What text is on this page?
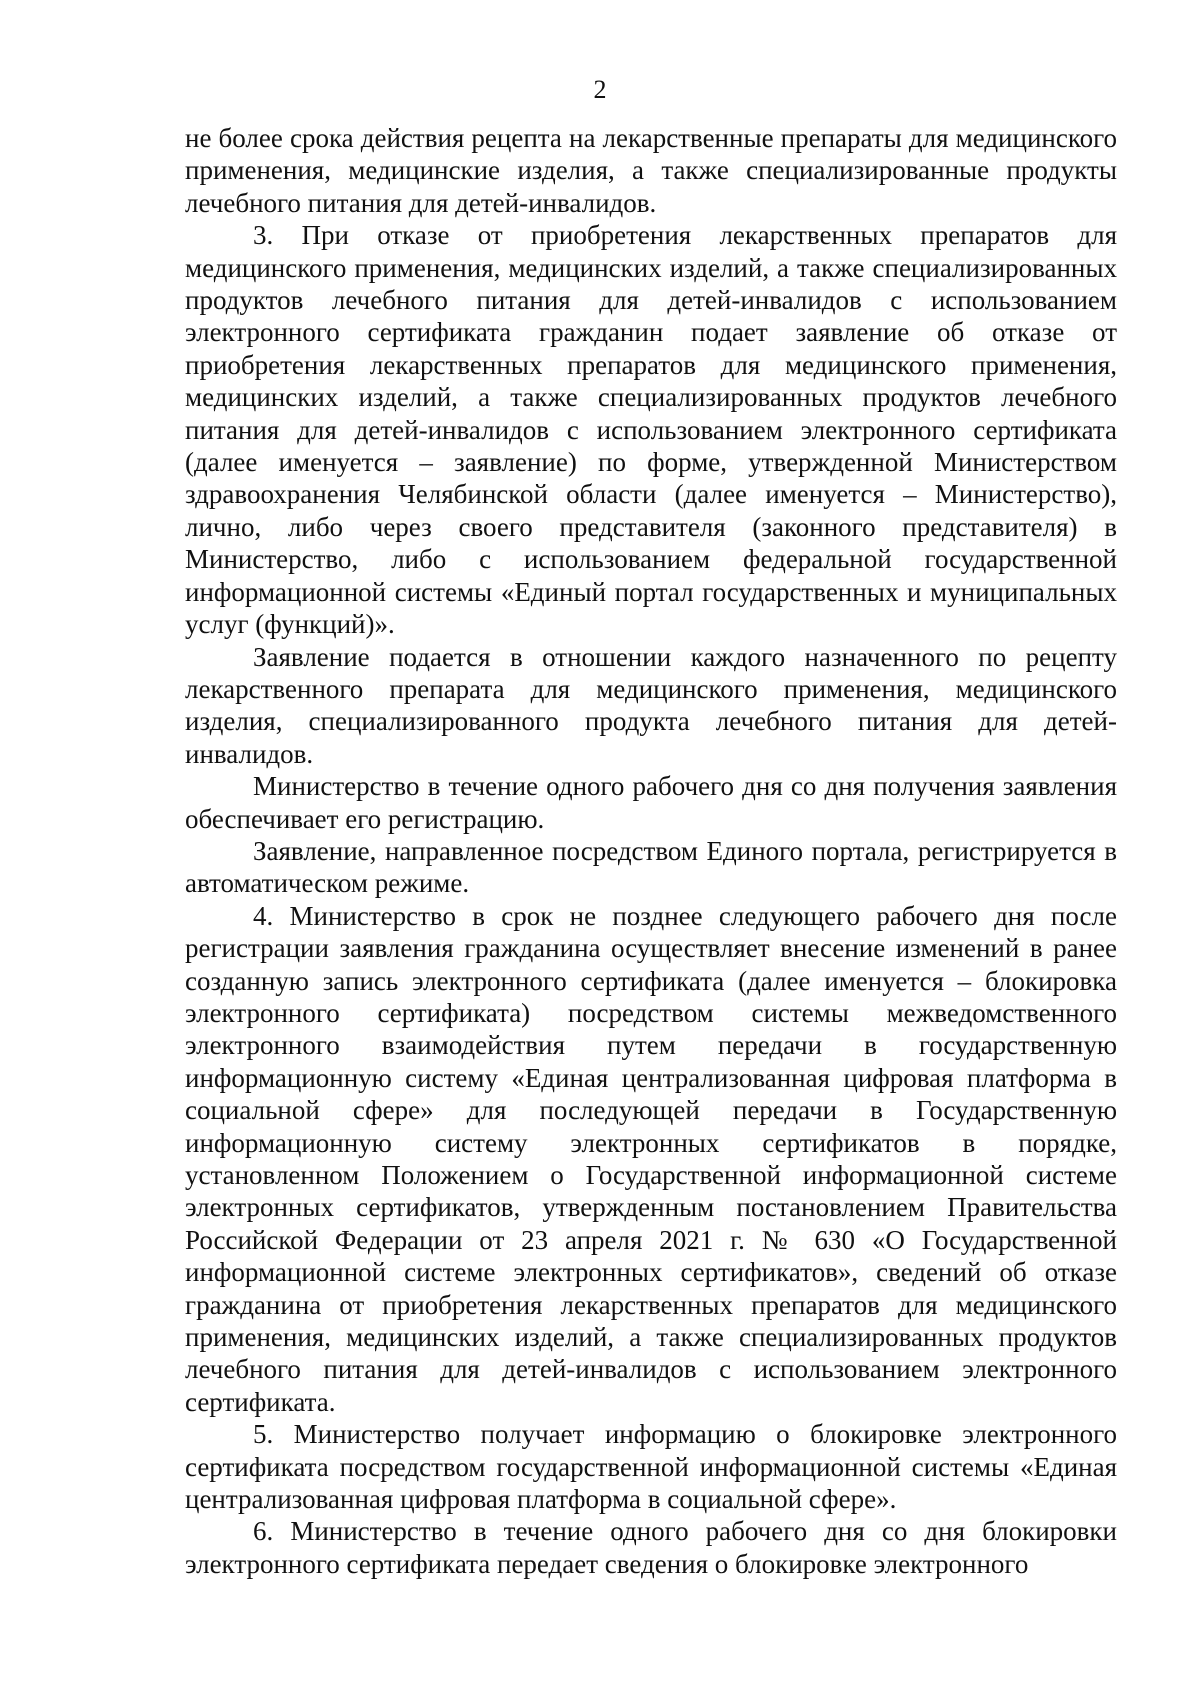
2

не более срока действия рецепта на лекарственные препараты для медицинского применения, медицинские изделия, а также специализированные продукты лечебного питания для детей-инвалидов.

3. При отказе от приобретения лекарственных препаратов для медицинского применения, медицинских изделий, а также специализированных продуктов лечебного питания для детей-инвалидов с использованием электронного сертификата гражданин подает заявление об отказе от приобретения лекарственных препаратов для медицинского применения, медицинских изделий, а также специализированных продуктов лечебного питания для детей-инвалидов с использованием электронного сертификата (далее именуется – заявление) по форме, утвержденной Министерством здравоохранения Челябинской области (далее именуется – Министерство), лично, либо через своего представителя (законного представителя) в Министерство, либо с использованием федеральной государственной информационной системы «Единый портал государственных и муниципальных услуг (функций)».

Заявление подается в отношении каждого назначенного по рецепту лекарственного препарата для медицинского применения, медицинского изделия, специализированного продукта лечебного питания для детей-инвалидов.

Министерство в течение одного рабочего дня со дня получения заявления обеспечивает его регистрацию.

Заявление, направленное посредством Единого портала, регистрируется в автоматическом режиме.

4. Министерство в срок не позднее следующего рабочего дня после регистрации заявления гражданина осуществляет внесение изменений в ранее созданную запись электронного сертификата (далее именуется – блокировка электронного сертификата) посредством системы межведомственного электронного взаимодействия путем передачи в государственную информационную систему «Единая централизованная цифровая платформа в социальной сфере» для последующей передачи в Государственную информационную систему электронных сертификатов в порядке, установленном Положением о Государственной информационной системе электронных сертификатов, утвержденным постановлением Правительства Российской Федерации от 23 апреля 2021 г. № 630 «О Государственной информационной системе электронных сертификатов», сведений об отказе гражданина от приобретения лекарственных препаратов для медицинского применения, медицинских изделий, а также специализированных продуктов лечебного питания для детей-инвалидов с использованием электронного сертификата.

5. Министерство получает информацию о блокировке электронного сертификата посредством государственной информационной системы «Единая централизованная цифровая платформа в социальной сфере».

6. Министерство в течение одного рабочего дня со дня блокировки электронного сертификата передает сведения о блокировке электронного
